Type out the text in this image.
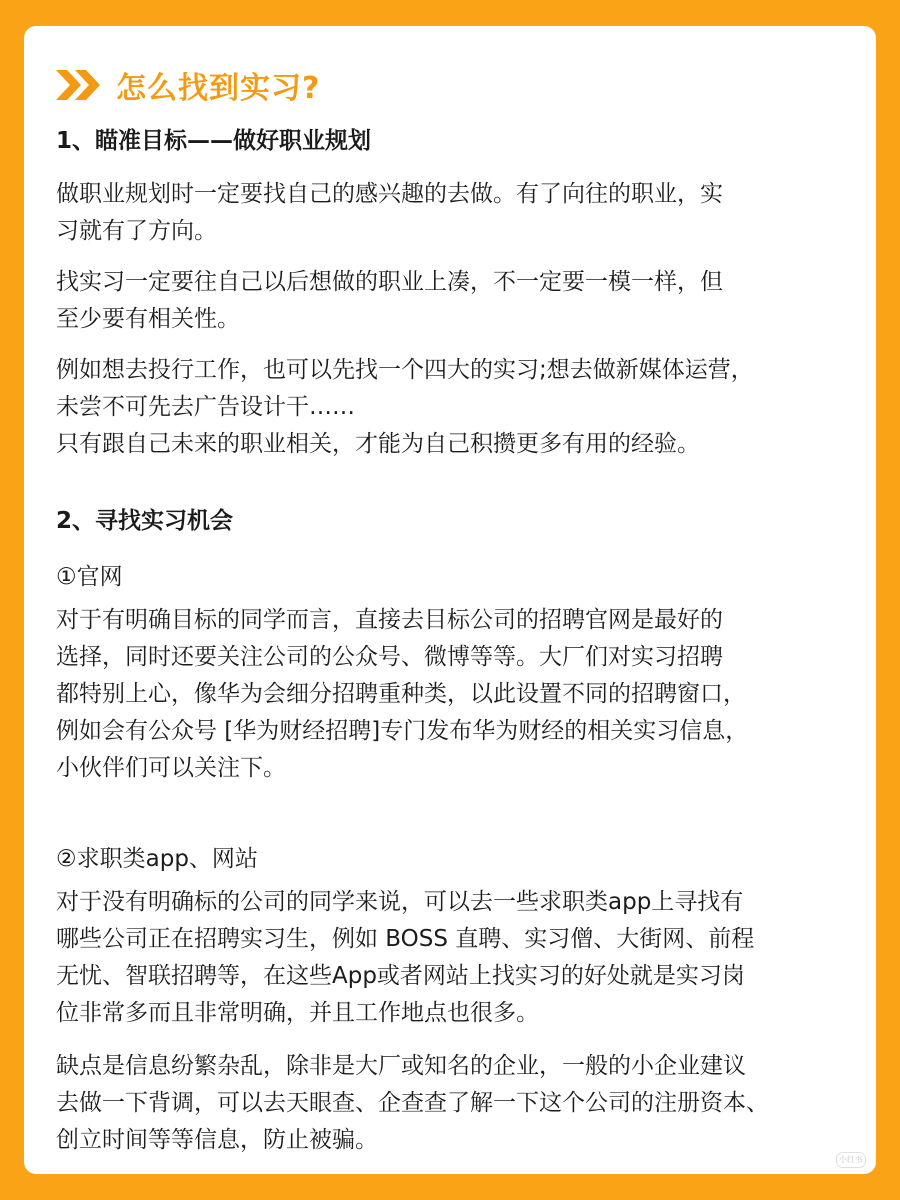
怎么找到实习?
1、瞄准目标——做好职业规划
做职业规划时一定要找自己的感兴趣的去做。有了向往的职业，实
习就有了方向。
找实习一定要往自己以后想做的职业上凑，不一定要一模一样，但
至少要有相关性。
例如想去投行工作，也可以先找一个四大的实习;想去做新媒体运营，
未尝不可先去广告设计干……
只有跟自己未来的职业相关，才能为自己积攒更多有用的经验。
2、寻找实习机会
①官网
对于有明确目标的同学而言，直接去目标公司的招聘官网是最好的
选择，同时还要关注公司的公众号、微博等等。大厂们对实习招聘
都特别上心，像华为会细分招聘重种类，以此设置不同的招聘窗口，
例如会有公众号 [华为财经招聘]专门发布华为财经的相关实习信息，
小伙伴们可以关注下。
②求职类app、网站
对于没有明确标的公司的同学来说，可以去一些求职类app上寻找有
哪些公司正在招聘实习生，例如 BOSS 直聘、实习僧、大街网、前程
无忧、智联招聘等，在这些App或者网站上找实习的好处就是实习岗
位非常多而且非常明确，并且工作地点也很多。
缺点是信息纷繁杂乱，除非是大厂或知名的企业，一般的小企业建议
去做一下背调，可以去天眼查、企查查了解一下这个公司的注册资本、
创立时间等等信息，防止被骗。
小红书
